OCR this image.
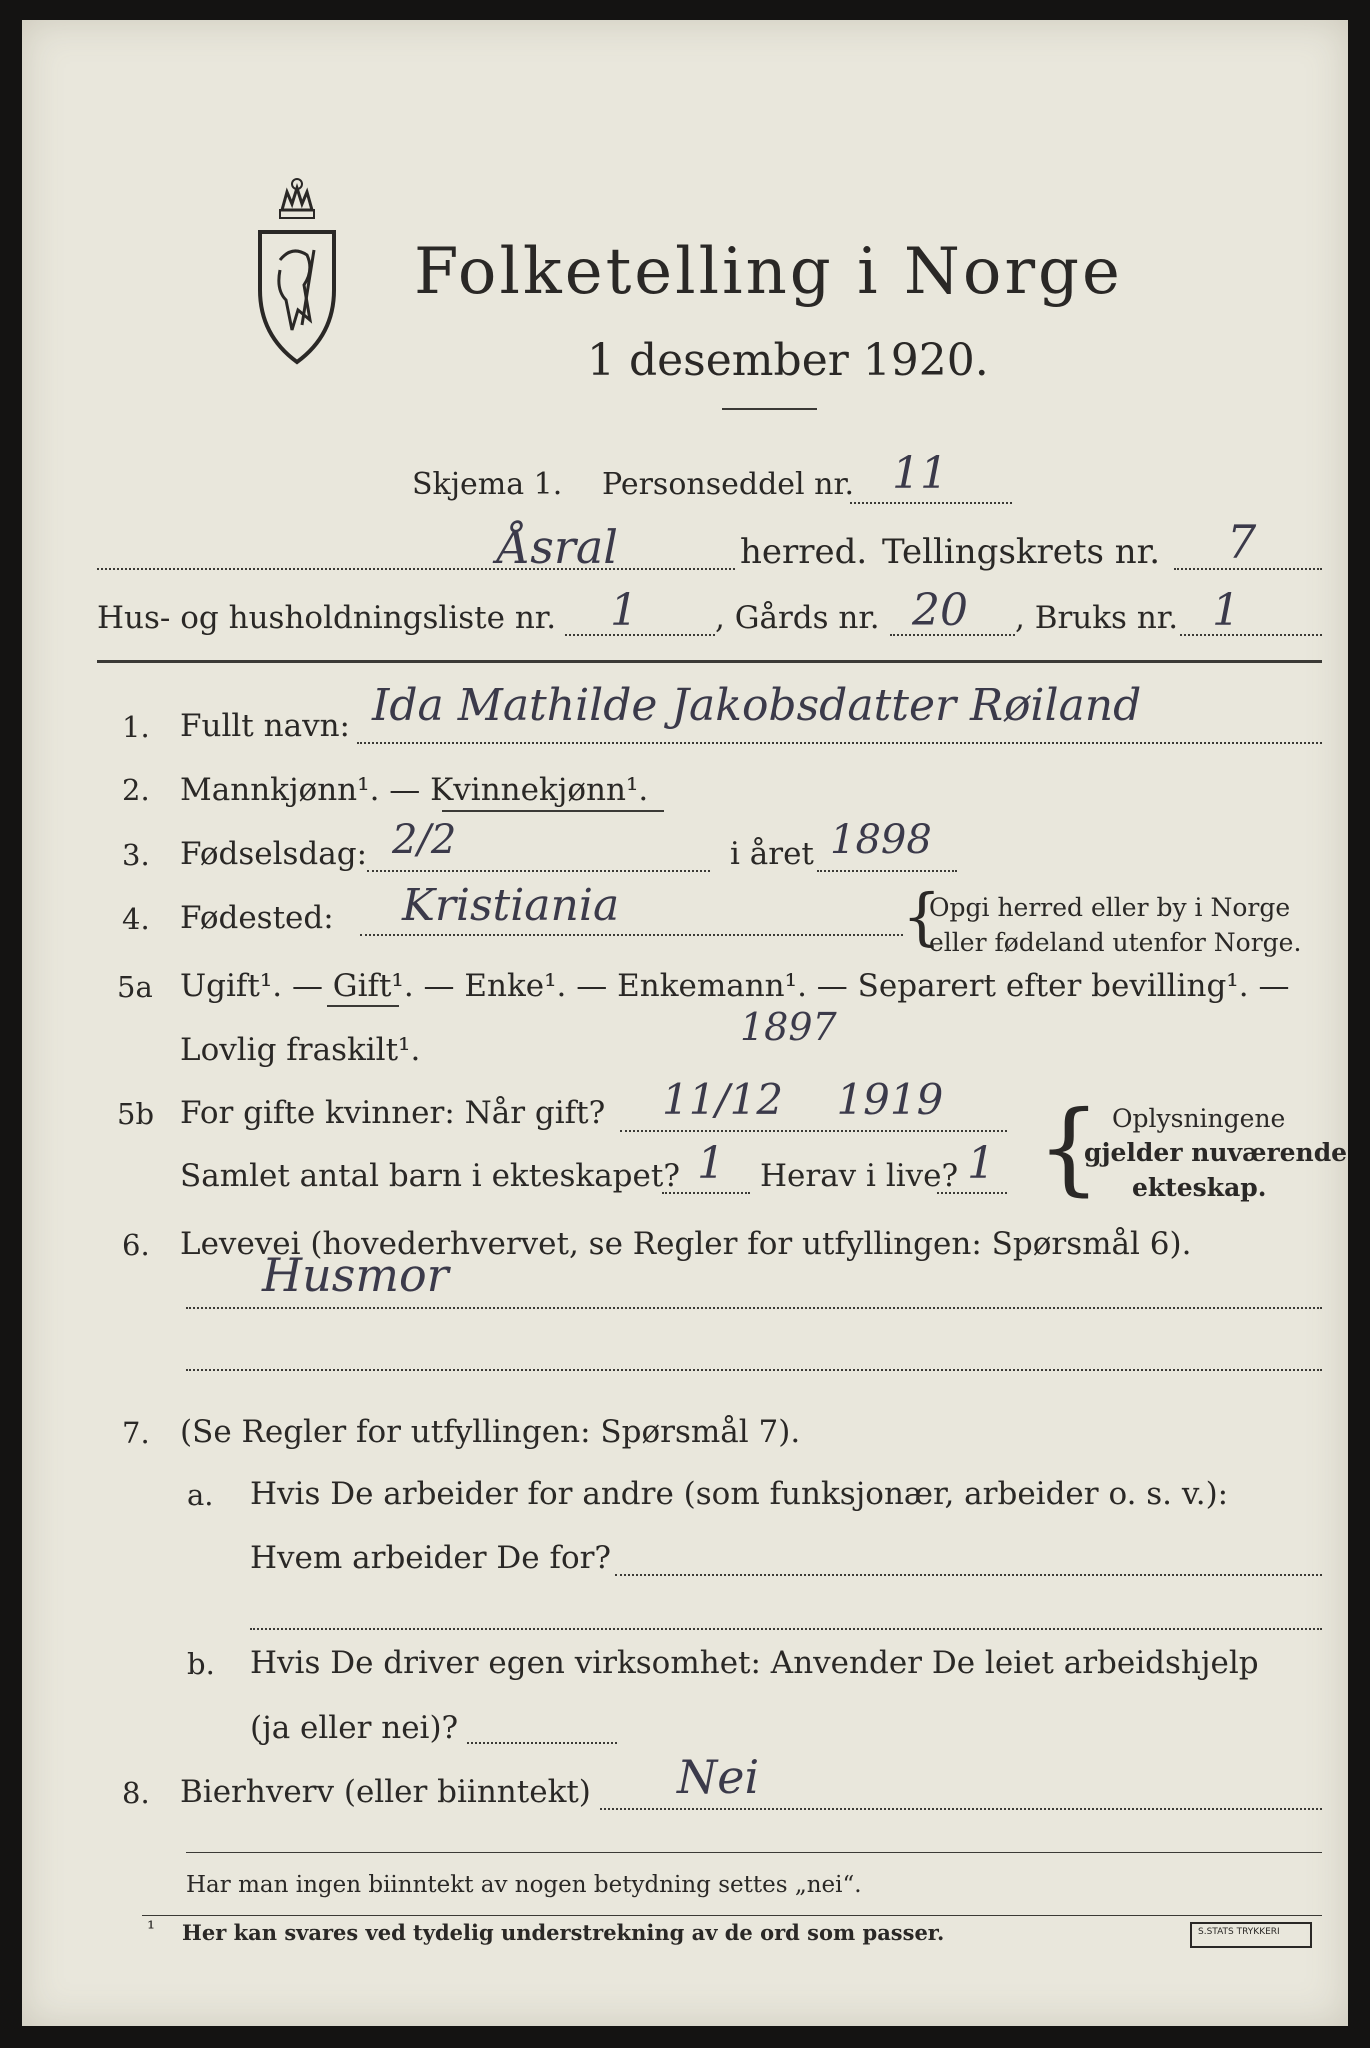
Folketelling i Norge
1 desember 1920.
Skjema 1. Personseddel nr. 11
Åsral	herred. Tellingskrets nr. 7
Hus- og husholdningsliste nr. 1 , Gårds nr. 20 , Bruks nr. 1
1. Fullt navn: Ida Mathilde Jakobsdatter Røiland
2. Mannkjønn¹. — Kvinnekjønn¹.
3. Fødselsdag: 2/2	i året 1898
4. Fødested: Kristiania	{
Opgi herred eller by i Norge
eller fødeland utenfor Norge.
5a Ugift¹. — Gift¹. — Enke¹. — Enkemann¹. — Separert efter bevilling¹. —
Lovlig fraskilt¹.
1897
5b For gifte kvinner: Når gift? 11/12    1919
Samlet antal barn i ekteskapet? 1 Herav i live? 1 { Oplysningene
gjelder nuværende
ekteskap.
6. Levevei (hovederhvervet, se Regler for utfyllingen: Spørsmål 6).
Husmor
7. (Se Regler for utfyllingen: Spørsmål 7).
a. Hvis De arbeider for andre (som funksjonær, arbeider o. s. v.):
Hvem arbeider De for?
b. Hvis De driver egen virksomhet: Anvender De leiet arbeidshjelp
(ja eller nei)?
8. Bierhverv (eller biinntekt) Nei
Har man ingen biinntekt av nogen betydning settes „nei“.
¹ Her kan svares ved tydelig understrekning av de ord som passer.	S.STATS TRYKKERI
